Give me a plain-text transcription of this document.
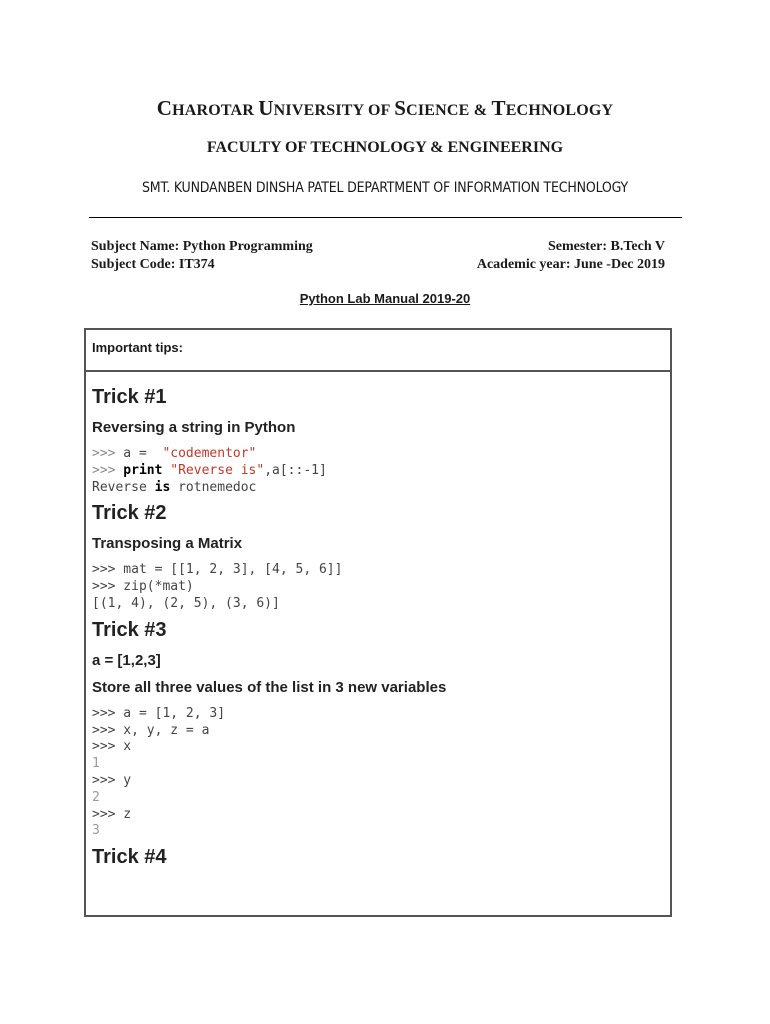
CHAROTAR UNIVERSITY OF SCIENCE & TECHNOLOGY
FACULTY OF TECHNOLOGY & ENGINEERING
SMT. KUNDANBEN DINSHA PATEL DEPARTMENT OF INFORMATION TECHNOLOGY
Subject Name: Python Programming
Subject Code: IT374
Semester: B.Tech V
Academic year: June -Dec 2019
Python Lab Manual 2019-20
Important tips:
Trick #1
Reversing a string in Python
>>> a =  "codementor"
>>> print "Reverse is",a[::-1]
Reverse is rotnemedoc
Trick #2
Transposing a Matrix
>>> mat = [[1, 2, 3], [4, 5, 6]]
>>> zip(*mat)
[(1, 4), (2, 5), (3, 6)]
Trick #3
a = [1,2,3]
Store all three values of the list in 3 new variables
>>> a = [1, 2, 3]
>>> x, y, z = a
>>> x
1
>>> y
2
>>> z
3
Trick #4
